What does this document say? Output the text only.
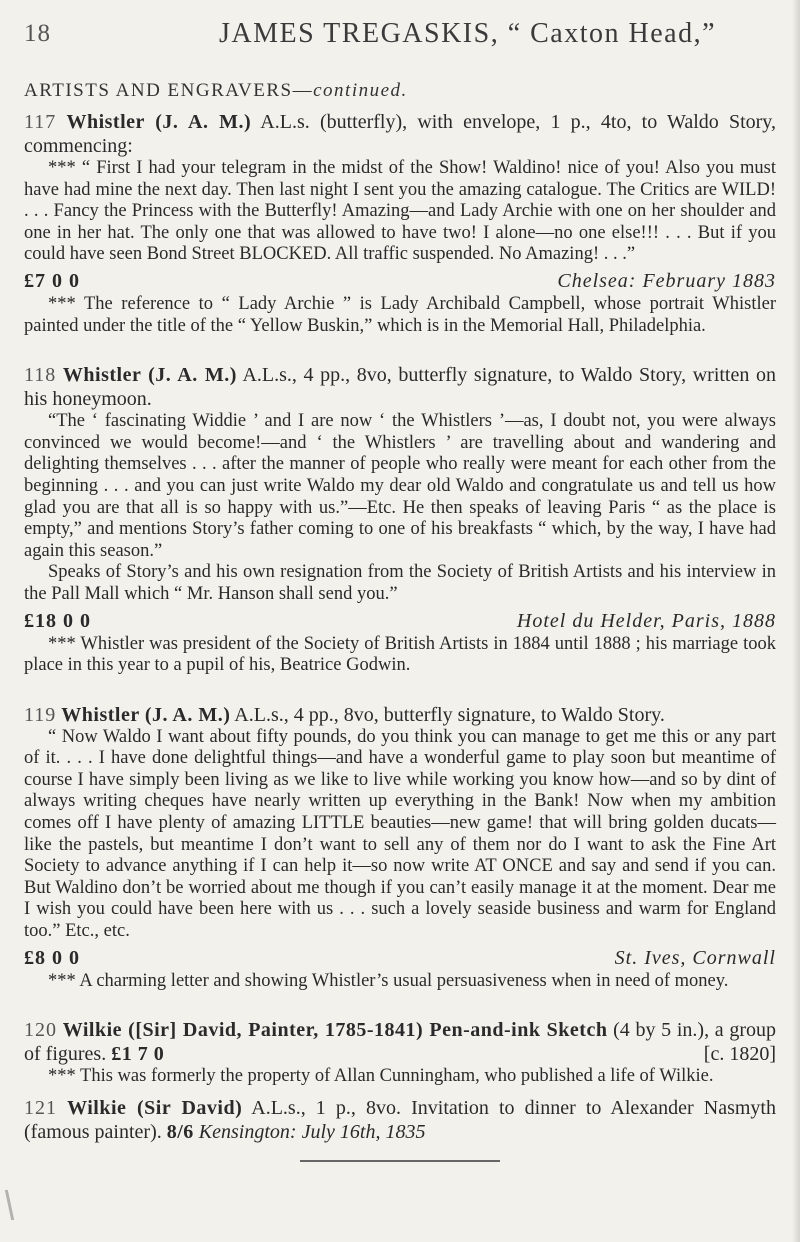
18	JAMES TREGASKIS, “ Caxton Head,”
ARTISTS AND ENGRAVERS—continued.
117 Whistler (J. A. M.) A.L.s. (butterfly), with envelope, 1 p., 4to, to Waldo Story, commencing:

*** “ First I had your telegram in the midst of the Show! Waldino! nice of you! Also you must have had mine the next day. Then last night I sent you the amazing catalogue. The Critics are WILD! . . . Fancy the Princess with the Butterfly! Amazing—and Lady Archie with one on her shoulder and one in her hat. The only one that was allowed to have two! I alone—no one else!!! . . . But if you could have seen Bond Street BLOCKED. All traffic suspended. No Amazing! . . .”

£7 0 0	Chelsea: February 1883

*** The reference to “ Lady Archie ” is Lady Archibald Campbell, whose portrait Whistler painted under the title of the “ Yellow Buskin,” which is in the Memorial Hall, Philadelphia.

118 Whistler (J. A. M.) A.L.s., 4 pp., 8vo, butterfly signature, to Waldo Story, written on his honeymoon.

“The ‘ fascinating Widdie ’ and I are now ‘ the Whistlers ’—as, I doubt not, you were always convinced we would become!—and ‘ the Whistlers ’ are travelling about and wandering and delighting themselves . . . after the manner of people who really were meant for each other from the beginning . . . and you can just write Waldo my dear old Waldo and congratulate us and tell us how glad you are that all is so happy with us.”—Etc. He then speaks of leaving Paris “ as the place is empty,” and mentions Story’s father coming to one of his breakfasts “ which, by the way, I have had again this season.”

Speaks of Story’s and his own resignation from the Society of British Artists and his interview in the Pall Mall which “ Mr. Hanson shall send you.”

£18 0 0	Hotel du Helder, Paris, 1888

*** Whistler was president of the Society of British Artists in 1884 until 1888 ; his marriage took place in this year to a pupil of his, Beatrice Godwin.

119 Whistler (J. A. M.) A.L.s., 4 pp., 8vo, butterfly signature, to Waldo Story.

“ Now Waldo I want about fifty pounds, do you think you can manage to get me this or any part of it. . . . I have done delightful things—and have a wonderful game to play soon but meantime of course I have simply been living as we like to live while working you know how—and so by dint of always writing cheques have nearly written up everything in the Bank! Now when my ambition comes off I have plenty of amazing LITTLE beauties—new game! that will bring golden ducats—like the pastels, but meantime I don’t want to sell any of them nor do I want to ask the Fine Art Society to advance anything if I can help it—so now write AT ONCE and say and send if you can. But Waldino don’t be worried about me though if you can’t easily manage it at the moment. Dear me I wish you could have been here with us . . . such a lovely seaside business and warm for England too.” Etc., etc.

£8 0 0	St. Ives, Cornwall

*** A charming letter and showing Whistler’s usual persuasiveness when in need of money.

120 Wilkie ([Sir] David, Painter, 1785-1841) Pen-and-ink Sketch (4 by 5 in.), a group of figures. £1 7 0	[c. 1820]

*** This was formerly the property of Allan Cunningham, who published a life of Wilkie.

121 Wilkie (Sir David) A.L.s., 1 p., 8vo. Invitation to dinner to Alexander Nasmyth (famous painter). 8/6 Kensington: July 16th, 1835
